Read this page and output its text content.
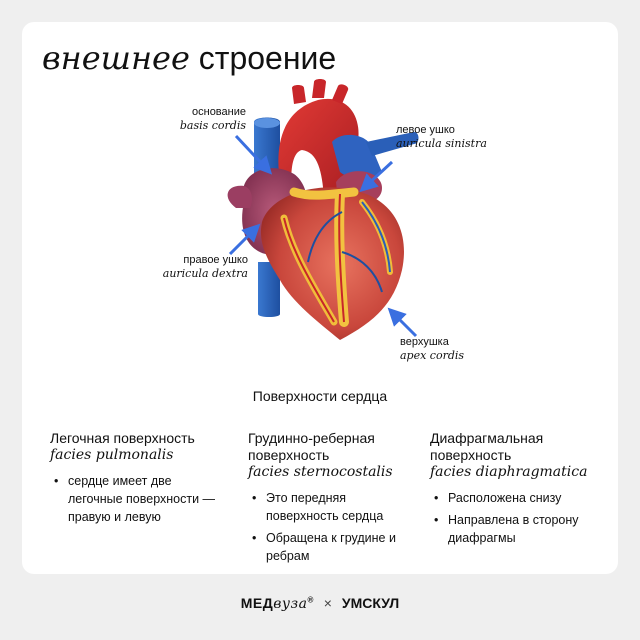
внешнее строение
основание
basis cordis	левое ушко
auricula sinistra
правое ушко
auricula dextra
верхушка
apex cordis
Поверхности сердца
Легочная поверхность
facies pulmonalis
• сердце имеет две легочные поверхности — правую и левую
Грудинно-реберная поверхность
facies sternocostalis
• Это передняя поверхность сердца
• Обращена к грудине и ребрам
Диафрагмальная поверхность
facies diaphragmatica
• Расположена снизу
• Направлена в сторону диафрагмы
МЕДвуза® × УМСКУЛ
